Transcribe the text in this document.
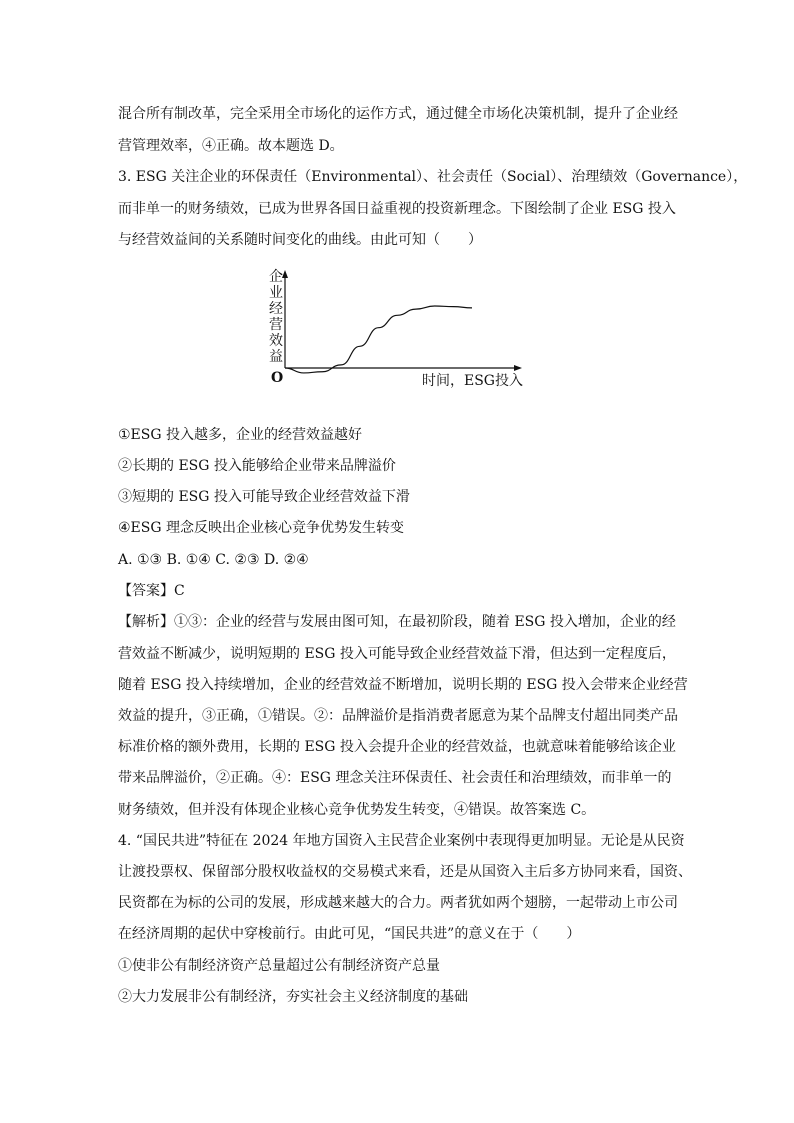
混合所有制改革，完全采用全市场化的运作方式，通过健全市场化决策机制，提升了企业经
营管理效率，④正确。故本题选 D。
3. ESG 关注企业的环保责任（Environmental）、社会责任（Social）、治理绩效（Governance），
而非单一的财务绩效，已成为世界各国日益重视的投资新理念。下图绘制了企业 ESG 投入
与经营效益间的关系随时间变化的曲线。由此可知（　　）
企
业
经
营
效
益
O	时间，ESG投入
①ESG 投入越多，企业的经营效益越好
②长期的 ESG 投入能够给企业带来品牌溢价
③短期的 ESG 投入可能导致企业经营效益下滑
④ESG 理念反映出企业核心竞争优势发生转变
A. ①③ B. ①④ C. ②③ D. ②④
【答案】C
【解析】①③：企业的经营与发展由图可知，在最初阶段，随着 ESG 投入增加，企业的经
营效益不断减少，说明短期的 ESG 投入可能导致企业经营效益下滑，但达到一定程度后，
随着 ESG 投入持续增加，企业的经营效益不断增加，说明长期的 ESG 投入会带来企业经营
效益的提升，③正确，①错误。②：品牌溢价是指消费者愿意为某个品牌支付超出同类产品
标准价格的额外费用，长期的 ESG 投入会提升企业的经营效益，也就意味着能够给该企业
带来品牌溢价，②正确。④：ESG 理念关注环保责任、社会责任和治理绩效，而非单一的
财务绩效，但并没有体现企业核心竞争优势发生转变，④错误。故答案选 C。
4. “国民共进”特征在 2024 年地方国资入主民营企业案例中表现得更加明显。无论是从民资
让渡投票权、保留部分股权收益权的交易模式来看，还是从国资入主后多方协同来看，国资、
民资都在为标的公司的发展，形成越来越大的合力。两者犹如两个翅膀，一起带动上市公司
在经济周期的起伏中穿梭前行。由此可见，“国民共进”的意义在于（　　）
①使非公有制经济资产总量超过公有制经济资产总量
②大力发展非公有制经济，夯实社会主义经济制度的基础
